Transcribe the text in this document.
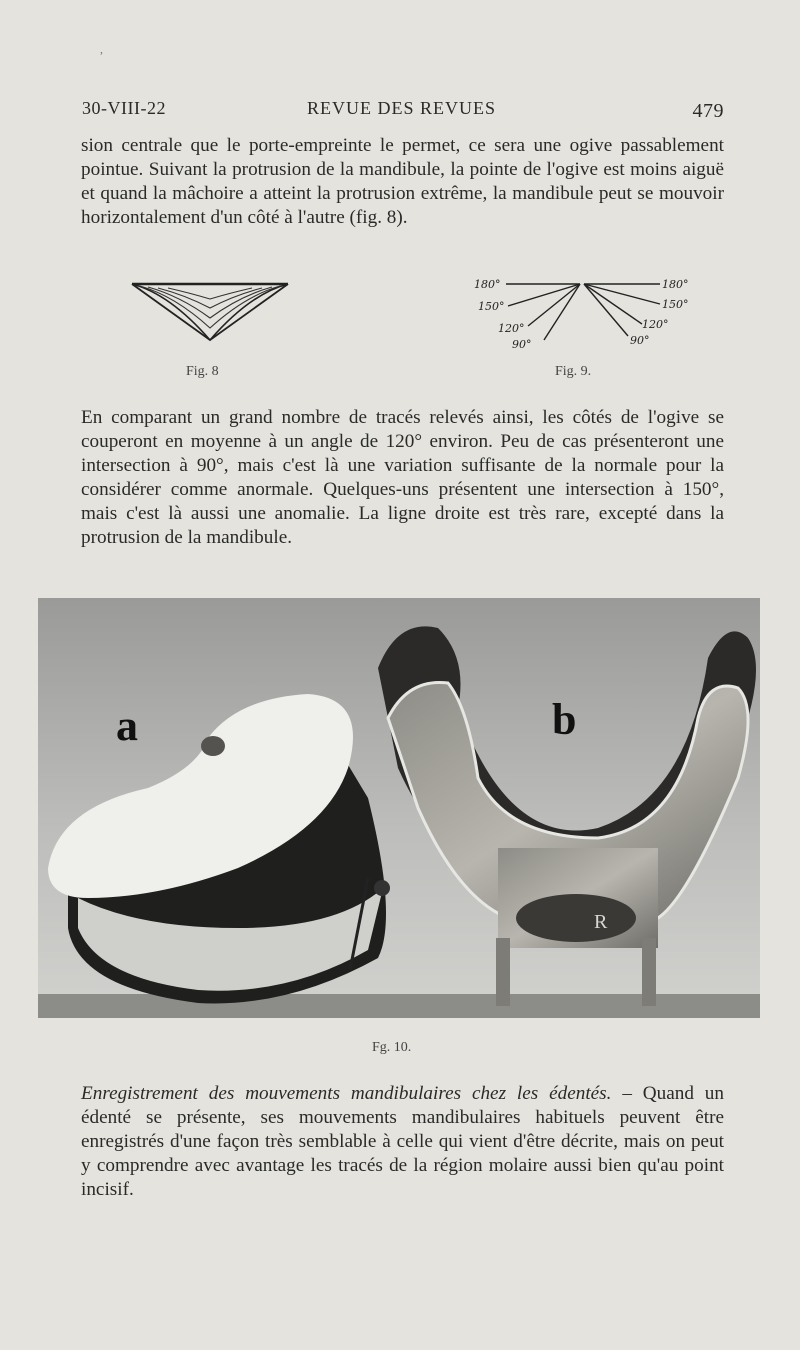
,
30-VIII-22	REVUE DES REVUES	479
sion centrale que le porte-empreinte le permet, ce sera une ogive passablement pointue. Suivant la protrusion de la mandibule, la pointe de l'ogive est moins aiguë et quand la mâchoire a atteint la protrusion extrême, la mandibule peut se mouvoir horizontalement d'un côté à l'autre (fig. 8).
Fig. 8
180°
150°
120°
90°
180°
150°
120°
90°
Fig. 9.
En comparant un grand nombre de tracés relevés ainsi, les côtés de l'ogive se couperont en moyenne à un angle de 120° environ. Peu de cas présenteront une intersection à 90°, mais c'est là une variation suffisante de la normale pour la considérer comme anormale. Quelques-uns présentent une intersection à 150°, mais c'est là aussi une anomalie. La ligne droite est très rare, excepté dans la protrusion de la mandibule.
a	b
R
Fg. 10.
Enregistrement des mouvements mandibulaires chez les édentés. – Quand un édenté se présente, ses mouvements mandibulaires habituels peuvent être enregistrés d'une façon très semblable à celle qui vient d'être décrite, mais on peut y comprendre avec avantage les tracés de la région molaire aussi bien qu'au point incisif.
